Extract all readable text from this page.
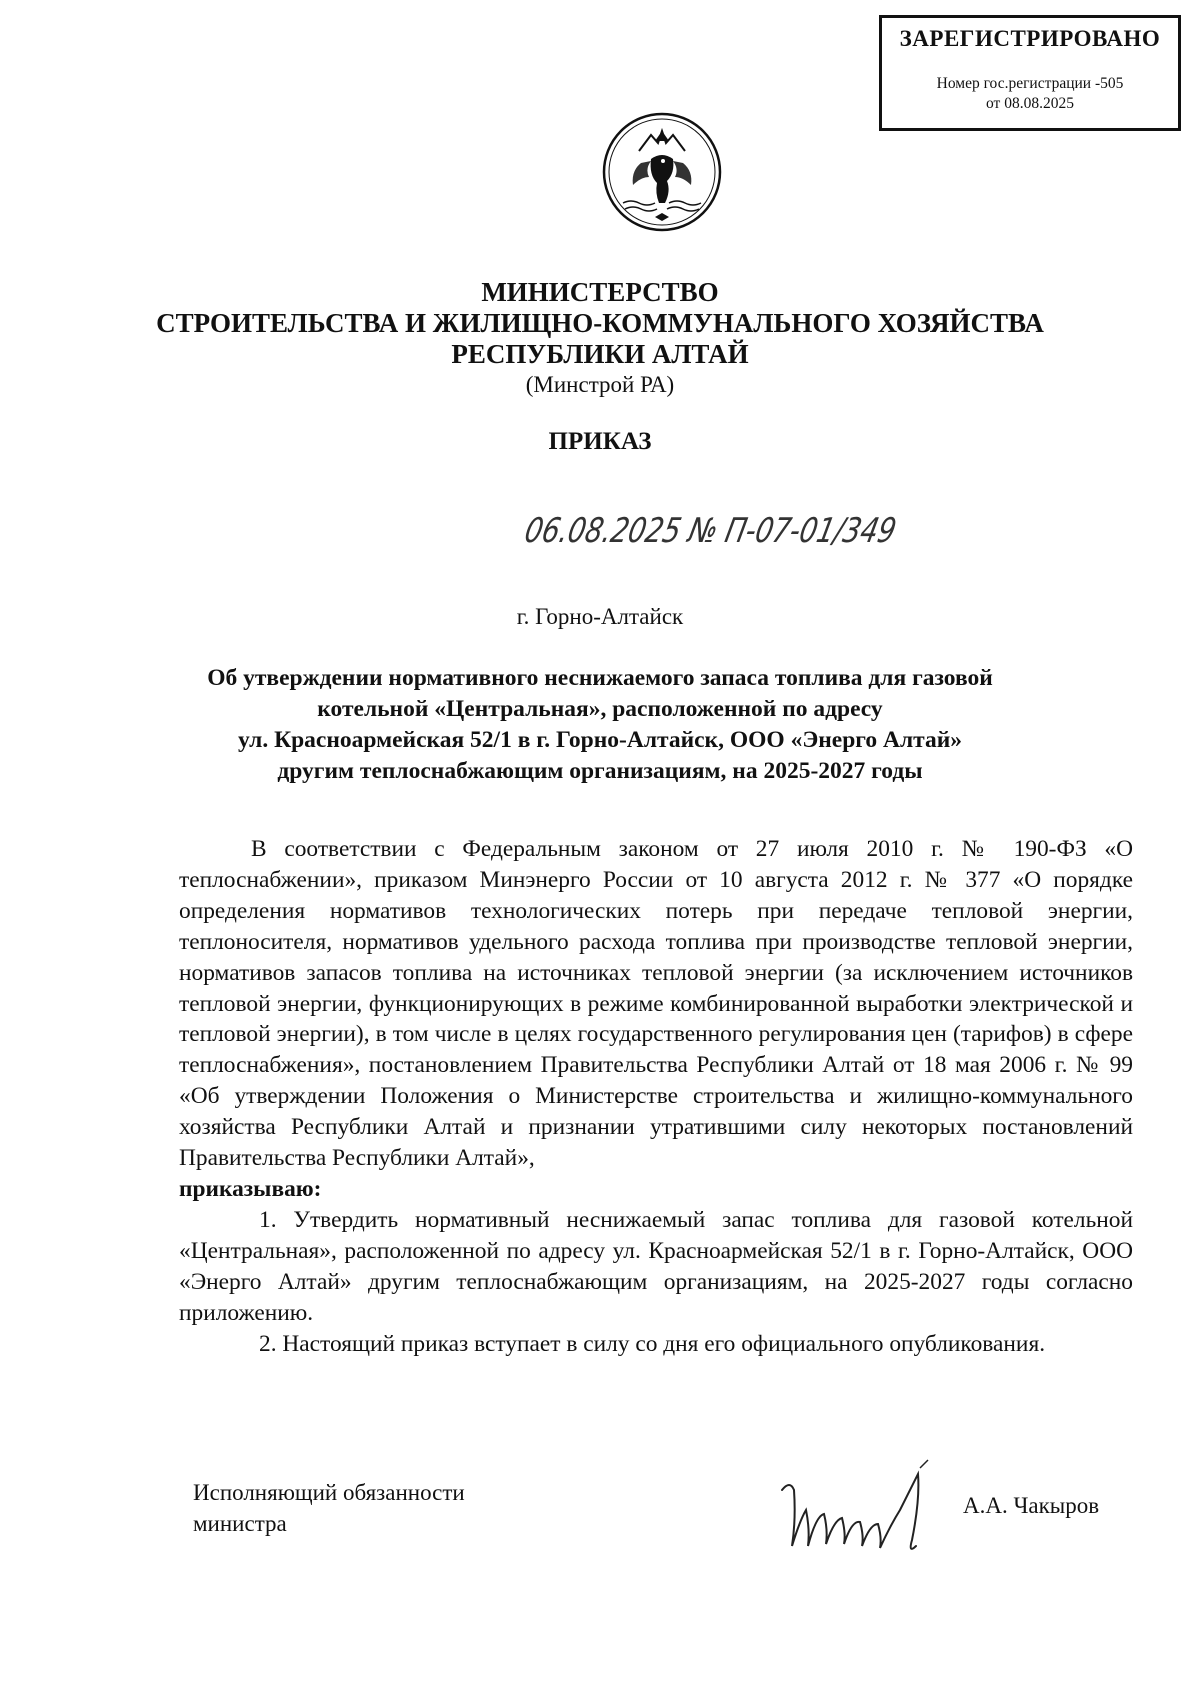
ЗАРЕГИСТРИРОВАНО
Номер гос.регистрации -505
от 08.08.2025
МИНИСТЕРСТВО
СТРОИТЕЛЬСТВА И ЖИЛИЩНО-КОММУНАЛЬНОГО ХОЗЯЙСТВА
РЕСПУБЛИКИ АЛТАЙ
(Минстрой РА)
ПРИКАЗ
06.08.2025 № П-07-01/349
г. Горно-Алтайск
Об утверждении нормативного неснижаемого запаса топлива для газовой
котельной «Центральная», расположенной по адресу
ул. Красноармейская 52/1 в г. Горно-Алтайск, ООО «Энерго Алтай»
другим теплоснабжающим организациям, на 2025-2027 годы

В соответствии с Федеральным законом от 27 июля 2010 г. № 190-ФЗ «О теплоснабжении», приказом Минэнерго России от 10 августа 2012 г. № 377 «О порядке определения нормативов технологических потерь при передаче тепловой энергии, теплоносителя, нормативов удельного расхода топлива при производстве тепловой энергии, нормативов запасов топлива на источниках тепловой энергии (за исключением источников тепловой энергии, функционирующих в режиме комбинированной выработки электрической и тепловой энергии), в том числе в целях государственного регулирования цен (тарифов) в сфере теплоснабжения», постановлением Правительства Республики Алтай от 18 мая 2006 г. № 99 «Об утверждении Положения о Министерстве строительства и жилищно-коммунального хозяйства Республики Алтай и признании утратившими силу некоторых постановлений Правительства Республики Алтай»,

приказываю:

1. Утвердить нормативный неснижаемый запас топлива для газовой котельной «Центральная», расположенной по адресу ул. Красноармейская 52/1 в г. Горно-Алтайск, ООО «Энерго Алтай» другим теплоснабжающим организациям, на 2025-2027 годы согласно приложению.

2. Настоящий приказ вступает в силу со дня его официального опубликования.

Исполняющий обязанности
министра
А.А. Чакыров
